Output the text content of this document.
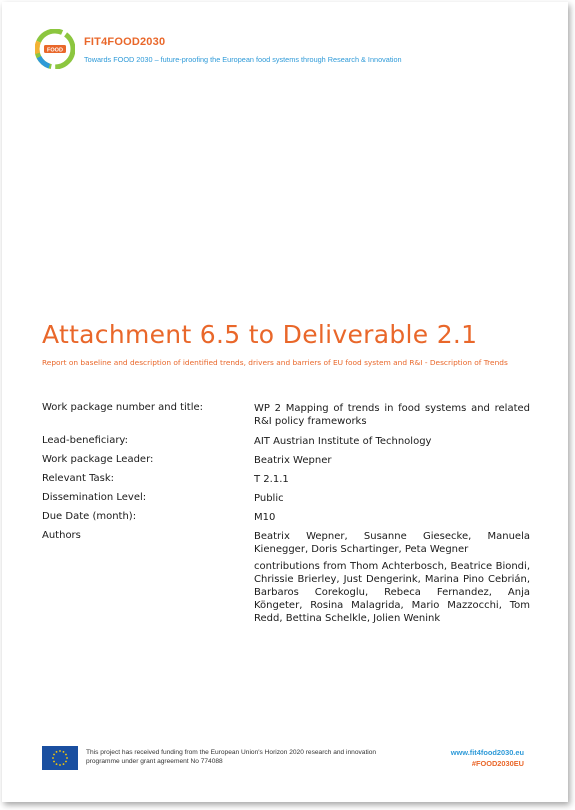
FOOD
FIT4FOOD2030
Towards FOOD 2030 – future-proofing the European food systems through Research & Innovation
Attachment 6.5 to Deliverable 2.1
Report on baseline and description of identified trends, drivers and barriers of EU food system and R&I - Description of Trends
Work package number and title:	WP 2 Mapping of trends in food systems and related R&I policy frameworks
Lead-beneficiary:	AIT Austrian Institute of Technology
Work package Leader:	Beatrix Wepner
Relevant Task:	T 2.1.1
Dissemination Level:	Public
Due Date (month):	M10
Authors	Beatrix Wepner, Susanne Giesecke, Manuela Kienegger, Doris Schartinger, Peta Wegner
contributions from Thom Achterbosch, Beatrice Biondi, Chrissie Brierley, Just Dengerink, Marina Pino Cebrián, Barbaros Corekoglu, Rebeca Fernandez, Anja Köngeter, Rosina Malagrida, Mario Mazzocchi, Tom Redd, Bettina Schelkle, Jolien Wenink
This project has received funding from the European Union's Horizon 2020 research and innovation programme under grant agreement No 774088
www.fit4food2030.eu
#FOOD2030EU
